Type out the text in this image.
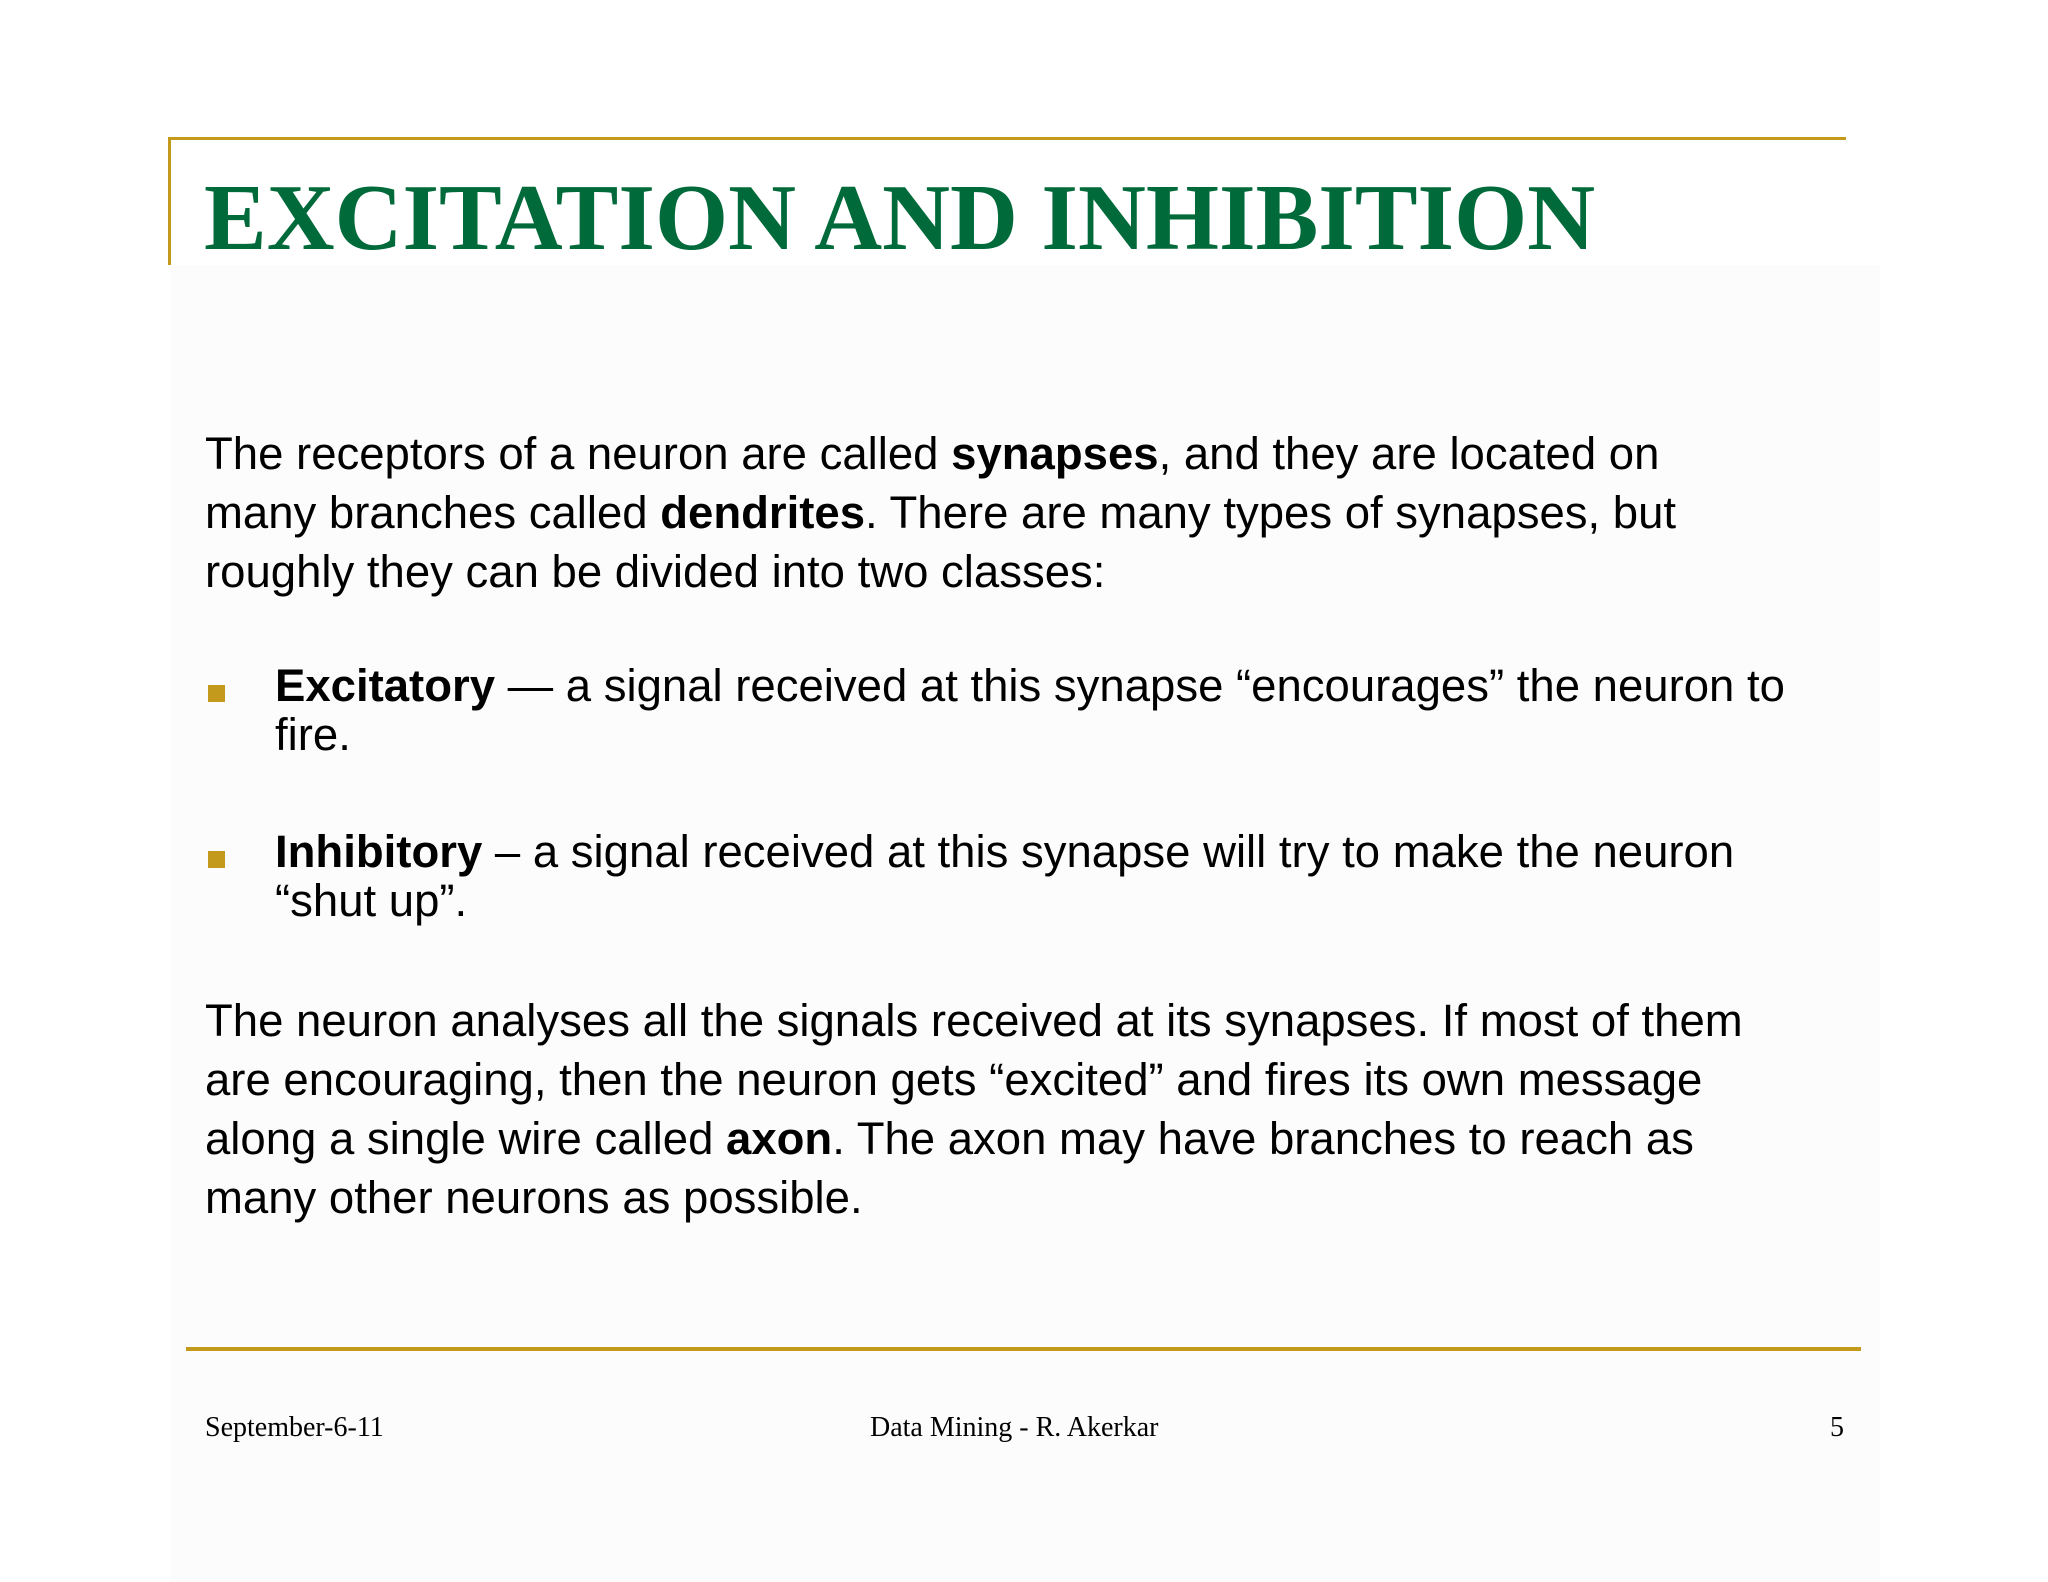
EXCITATION AND INHIBITION

The receptors of a neuron are called synapses, and they are located on many branches called dendrites. There are many types of synapses, but roughly they can be divided into two classes:

Excitatory — a signal received at this synapse “encourages” the neuron to fire.

Inhibitory – a signal received at this synapse will try to make the neuron “shut up”.

The neuron analyses all the signals received at its synapses. If most of them are encouraging, then the neuron gets “excited” and fires its own message along a single wire called axon. The axon may have branches to reach as many other neurons as possible.

September-6-11	Data Mining - R. Akerkar	5
